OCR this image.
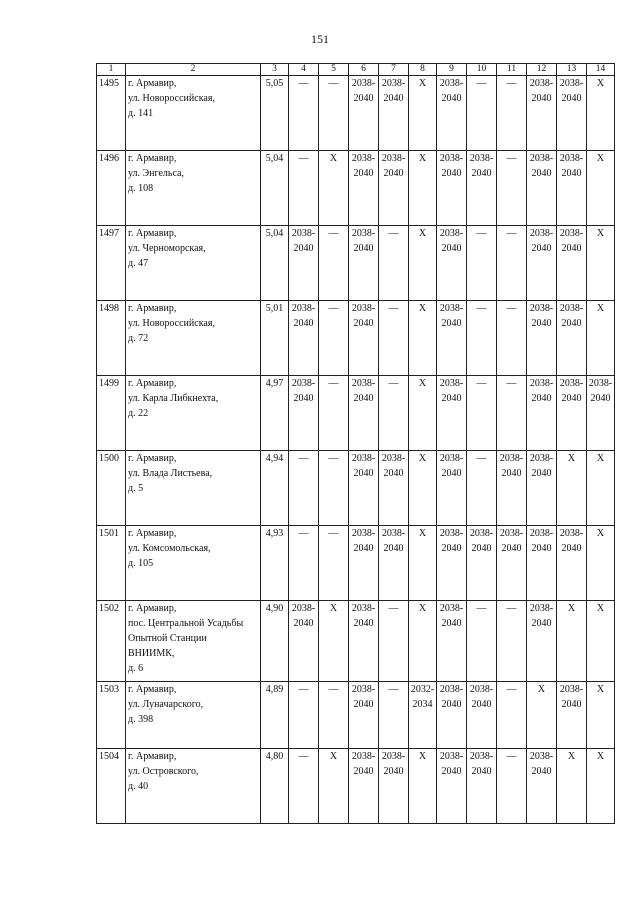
151
1	2	3	4	5	6	7	8	9	10	11	12	13	14
1495	г. Армавир,
ул. Новороссийская,
д. 141	5,05	—	—	2038-
2040	2038-
2040	X	2038-
2040	—	—	2038-
2040	2038-
2040	X
1496	г. Армавир,
ул. Энгельса,
д. 108	5,04	—	X	2038-
2040	2038-
2040	X	2038-
2040	2038-
2040	—	2038-
2040	2038-
2040	X
1497	г. Армавир,
ул. Черноморская,
д. 47	5,04	2038-
2040	—	2038-
2040	—	X	2038-
2040	—	—	2038-
2040	2038-
2040	X
1498	г. Армавир,
ул. Новороссийская,
д. 72	5,01	2038-
2040	—	2038-
2040	—	X	2038-
2040	—	—	2038-
2040	2038-
2040	X
1499	г. Армавир,
ул. Карла Либкнехта,
д. 22	4,97	2038-
2040	—	2038-
2040	—	X	2038-
2040	—	—	2038-
2040	2038-
2040	2038-
2040
1500	г. Армавир,
ул. Влада Листьева,
д. 5	4,94	—	—	2038-
2040	2038-
2040	X	2038-
2040	—	2038-
2040	2038-
2040	X	X
1501	г. Армавир,
ул. Комсомольская,
д. 105	4,93	—	—	2038-
2040	2038-
2040	X	2038-
2040	2038-
2040	2038-
2040	2038-
2040	2038-
2040	X
1502	г. Армавир,
пос. Центральной Усадьбы
Опытной Станции
ВНИИМК,
д. 6	4,90	2038-
2040	X	2038-
2040	—	X	2038-
2040	—	—	2038-
2040	X	X
1503	г. Армавир,
ул. Луначарского,
д. 398	4,89	—	—	2038-
2040	—	2032-
2034	2038-
2040	2038-
2040	—	X	2038-
2040	X
1504	г. Армавир,
ул. Островского,
д. 40	4,80	—	X	2038-
2040	2038-
2040	X	2038-
2040	2038-
2040	—	2038-
2040	X	X
